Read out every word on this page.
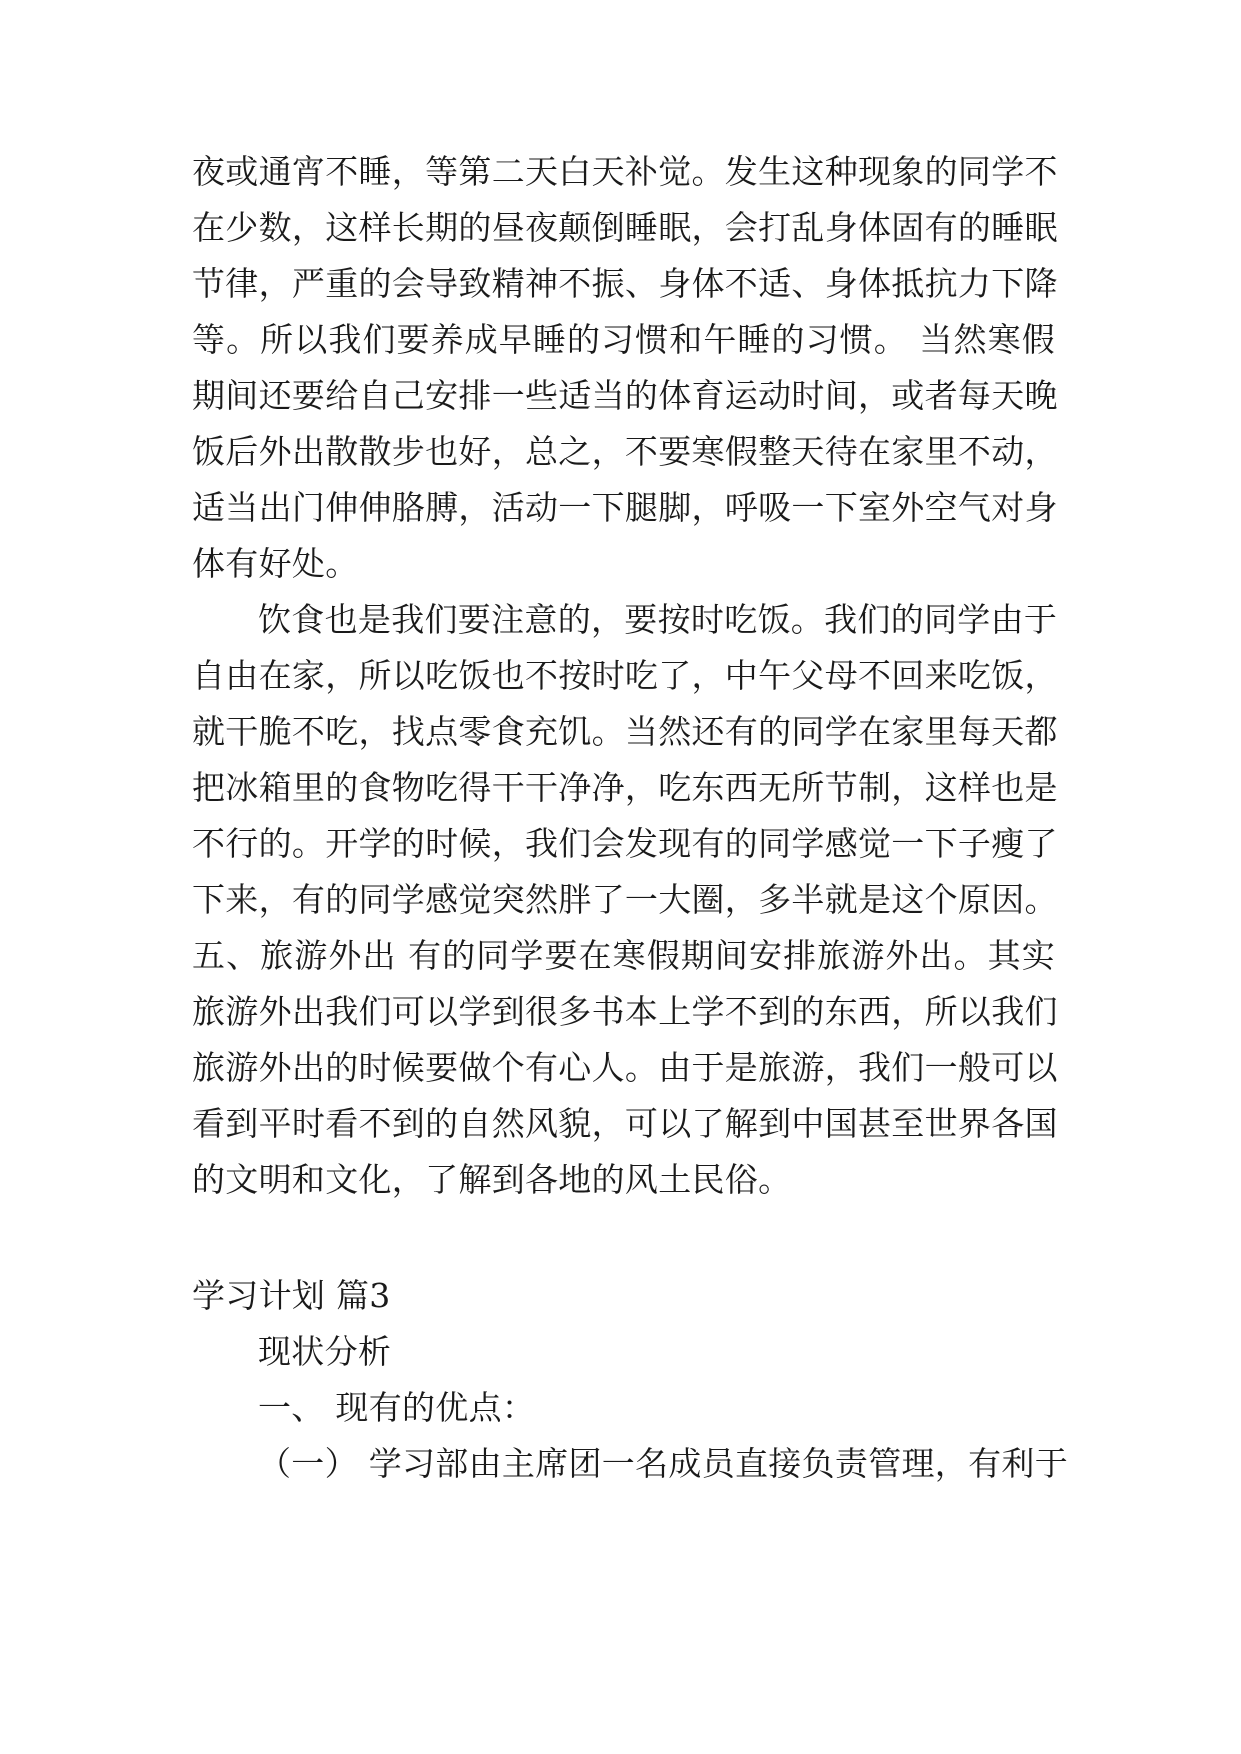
夜或通宵不睡，等第二天白天补觉。发生这种现象的同学不
在少数，这样长期的昼夜颠倒睡眠，会打乱身体固有的睡眠
节律，严重的会导致精神不振、身体不适、身体抵抗力下降
等。所以我们要养成早睡的习惯和午睡的习惯。 当然寒假
期间还要给自己安排一些适当的体育运动时间，或者每天晚
饭后外出散散步也好，总之，不要寒假整天待在家里不动，
适当出门伸伸胳膊，活动一下腿脚，呼吸一下室外空气对身
体有好处。
饮食也是我们要注意的，要按时吃饭。我们的同学由于
自由在家，所以吃饭也不按时吃了，中午父母不回来吃饭，
就干脆不吃，找点零食充饥。当然还有的同学在家里每天都
把冰箱里的食物吃得干干净净，吃东西无所节制，这样也是
不行的。开学的时候，我们会发现有的同学感觉一下子瘦了
下来，有的同学感觉突然胖了一大圈，多半就是这个原因。
五、旅游外出 有的同学要在寒假期间安排旅游外出。其实
旅游外出我们可以学到很多书本上学不到的东西，所以我们
旅游外出的时候要做个有心人。由于是旅游，我们一般可以
看到平时看不到的自然风貌，可以了解到中国甚至世界各国
的文明和文化，了解到各地的风土民俗。
学习计划 篇3
现状分析
一、 现有的优点：
（一） 学习部由主席团一名成员直接负责管理，有利于
